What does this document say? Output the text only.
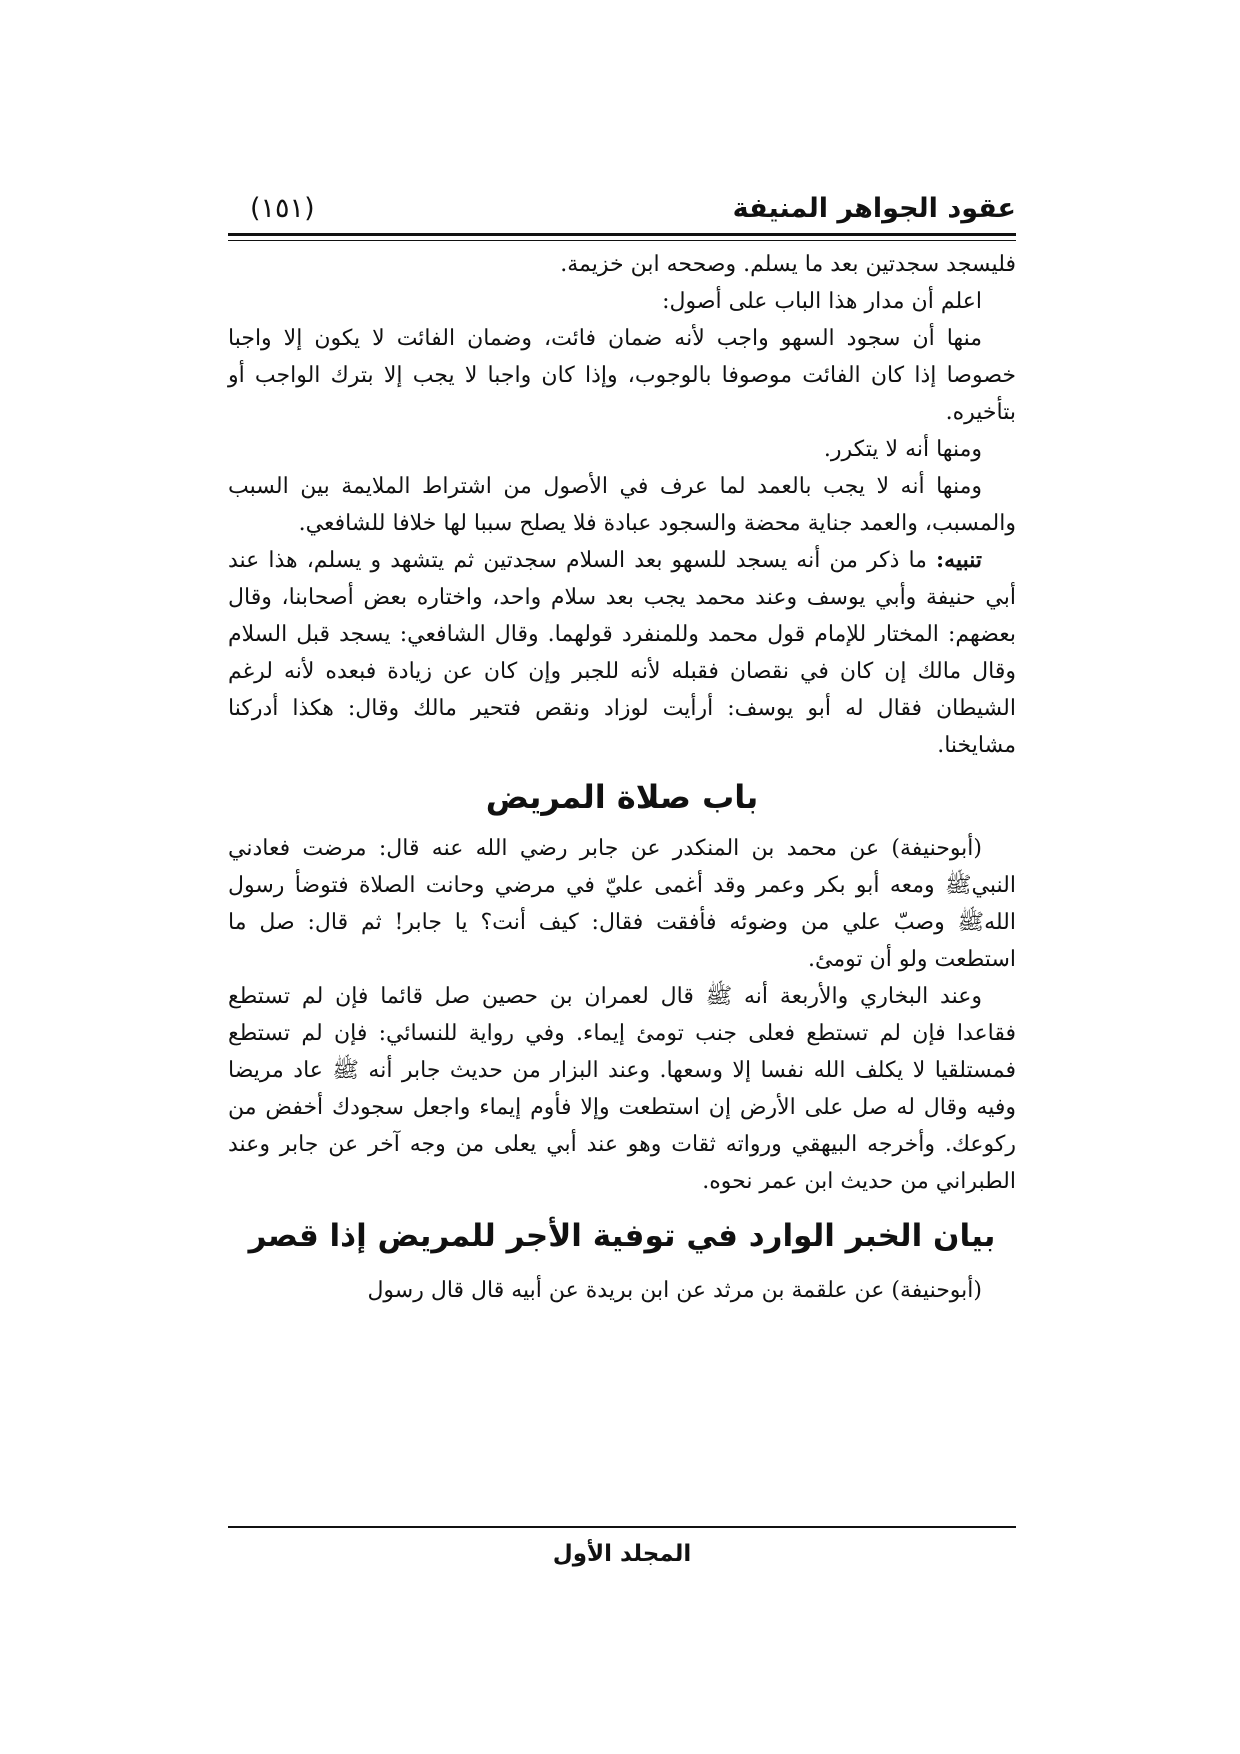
عقود الجواهر المنيفة
(١٥١)

فليسجد سجدتين بعد ما يسلم. وصححه ابن خزيمة.

اعلم أن مدار هذا الباب على أصول:

منها أن سجود السهو واجب لأنه ضمان فائت، وضمان الفائت لا يكون إلا واجبا خصوصا إذا كان الفائت موصوفا بالوجوب، وإذا كان واجبا لا يجب إلا بترك الواجب أو بتأخيره.

ومنها أنه لا يتكرر.

ومنها أنه لا يجب بالعمد لما عرف في الأصول من اشتراط الملايمة بين السبب والمسبب، والعمد جناية محضة والسجود عبادة فلا يصلح سببا لها خلافا للشافعي.

تنبيه: ما ذكر من أنه يسجد للسهو بعد السلام سجدتين ثم يتشهد و يسلم، هذا عند أبي حنيفة وأبي يوسف وعند محمد يجب بعد سلام واحد، واختاره بعض أصحابنا، وقال بعضهم: المختار للإمام قول محمد وللمنفرد قولهما. وقال الشافعي: يسجد قبل السلام وقال مالك إن كان في نقصان فقبله لأنه للجبر وإن كان عن زيادة فبعده لأنه لرغم الشيطان فقال له أبو يوسف: أرأيت لوزاد ونقص فتحير مالك وقال: هكذا أدركنا مشايخنا.

باب صلاة المريض

(أبوحنيفة) عن محمد بن المنكدر عن جابر رضي الله عنه قال: مرضت فعادني النبيﷺ ومعه أبو بكر وعمر وقد أغمى عليّ في مرضي وحانت الصلاة فتوضأ رسول اللهﷺ وصبّ علي من وضوئه فأفقت فقال: كيف أنت؟ يا جابر! ثم قال: صل ما استطعت ولو أن تومئ.

وعند البخاري والأربعة أنه ﷺ قال لعمران بن حصين صل قائما فإن لم تستطع فقاعدا فإن لم تستطع فعلى جنب تومئ إيماء. وفي رواية للنسائي: فإن لم تستطع فمستلقيا لا يكلف الله نفسا إلا وسعها. وعند البزار من حديث جابر أنه ﷺ عاد مريضا وفيه وقال له صل على الأرض إن استطعت وإلا فأوم إيماء واجعل سجودك أخفض من ركوعك. وأخرجه البيهقي ورواته ثقات وهو عند أبي يعلى من وجه آخر عن جابر وعند الطبراني من حديث ابن عمر نحوه.

بيان الخبر الوارد في توفية الأجر للمريض إذا قصر

(أبوحنيفة) عن علقمة بن مرثد عن ابن بريدة عن أبيه قال قال رسول

المجلد الأول
